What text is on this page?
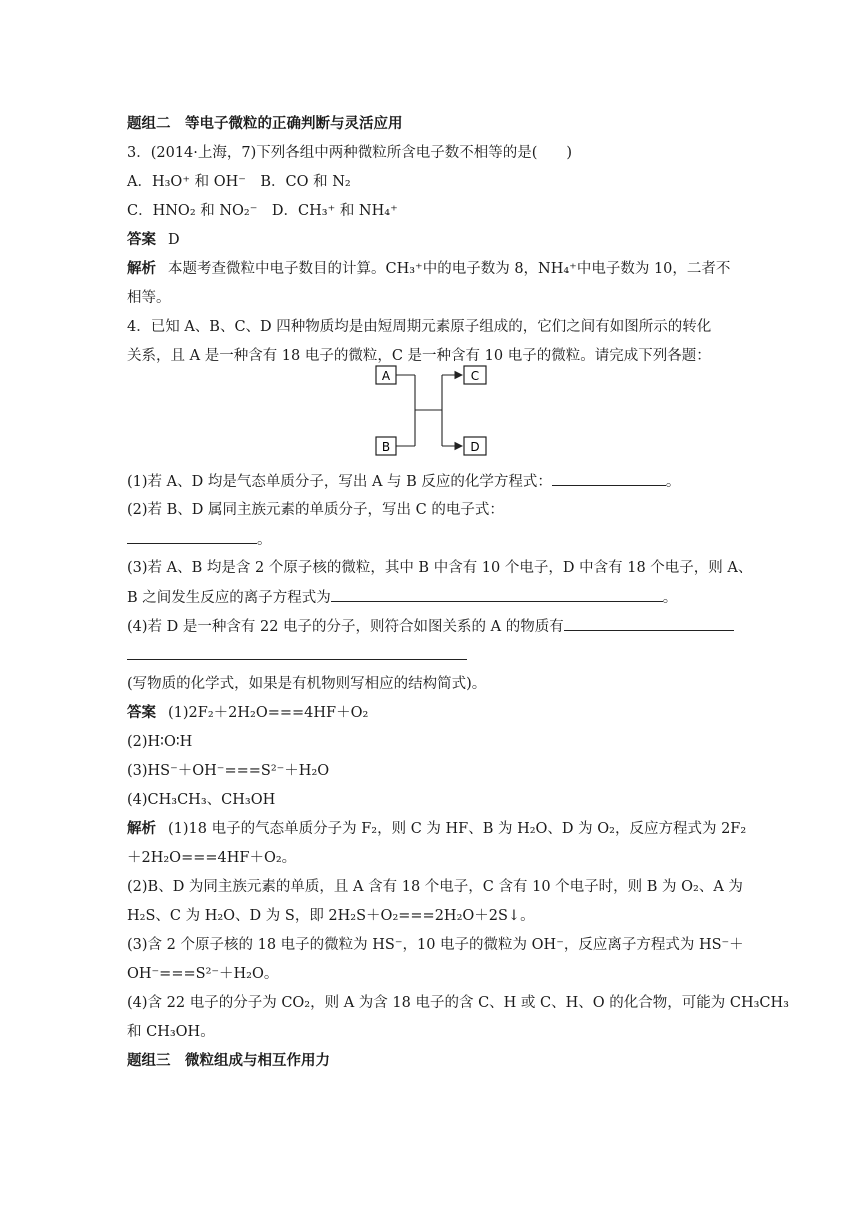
题组二　等电子微粒的正确判断与灵活应用
3．(2014·上海，7)下列各组中两种微粒所含电子数不相等的是(　　)
A．H₃O⁺ 和 OH⁻　B．CO 和 N₂
C．HNO₂ 和 NO₂⁻　D．CH₃⁺ 和 NH₄⁺
答案 D
解析 本题考查微粒中电子数目的计算。CH₃⁺中的电子数为 8，NH₄⁺中电子数为 10，二者不
相等。
4．已知 A、B、C、D 四种物质均是由短周期元素原子组成的，它们之间有如图所示的转化
关系，且 A 是一种含有 18 电子的微粒，C 是一种含有 10 电子的微粒。请完成下列各题：
A
B
C
D
(1)若 A、D 均是气态单质分子，写出 A 与 B 反应的化学方程式：	。
(2)若 B、D 属同主族元素的单质分子，写出 C 的电子式：
。
(3)若 A、B 均是含 2 个原子核的微粒，其中 B 中含有 10 个电子，D 中含有 18 个电子，则 A、
B 之间发生反应的离子方程式为	。
(4)若 D 是一种含有 22 电子的分子，则符合如图关系的 A 的物质有
(写物质的化学式，如果是有机物则写相应的结构简式)。
答案 (1)2F₂＋2H₂O===4HF＋O₂
(2)H∶O∶H
(3)HS⁻＋OH⁻===S²⁻＋H₂O
(4)CH₃CH₃、CH₃OH
解析 (1)18 电子的气态单质分子为 F₂，则 C 为 HF、B 为 H₂O、D 为 O₂，反应方程式为 2F₂
＋2H₂O===4HF＋O₂。
(2)B、D 为同主族元素的单质，且 A 含有 18 个电子，C 含有 10 个电子时，则 B 为 O₂、A 为
H₂S、C 为 H₂O、D 为 S，即 2H₂S＋O₂===2H₂O＋2S↓。
(3)含 2 个原子核的 18 电子的微粒为 HS⁻，10 电子的微粒为 OH⁻，反应离子方程式为 HS⁻＋
OH⁻===S²⁻＋H₂O。
(4)含 22 电子的分子为 CO₂，则 A 为含 18 电子的含 C、H 或 C、H、O 的化合物，可能为 CH₃CH₃
和 CH₃OH。
题组三　微粒组成与相互作用力
